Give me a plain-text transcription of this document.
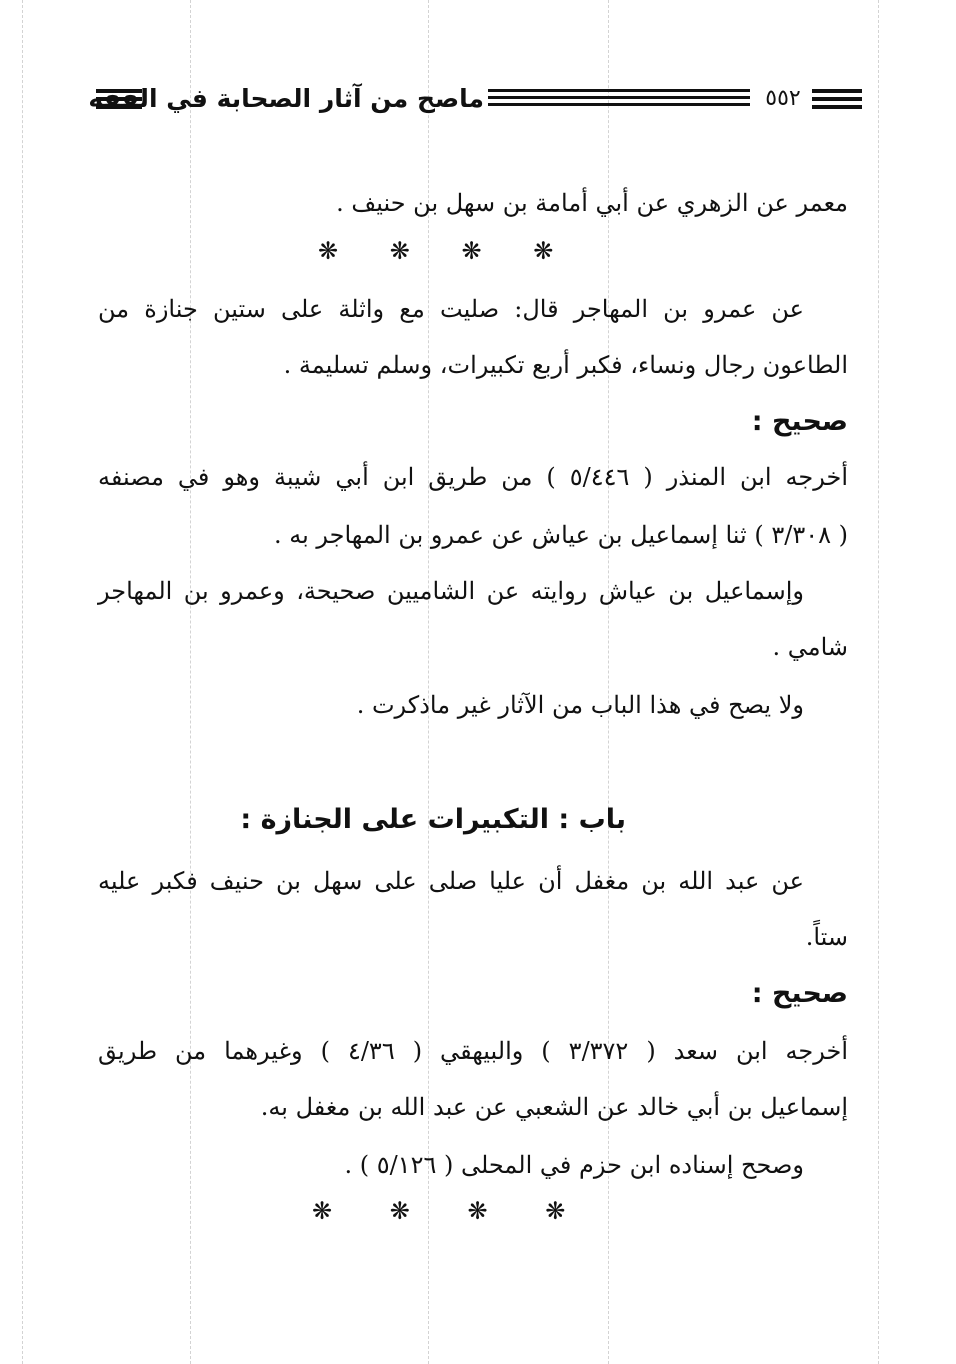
ماصح من آثار الصحابة في الفقه	٥٥٢
معمر عن الزهري عن أبي أمامة بن سهل بن حنيف .
❋ ❋ ❋ ❋
عن عمرو بن المهاجر قال: صليت مع واثلة على ستين جنازة من
الطاعون رجال ونساء، فكبر أربع تكبيرات، وسلم تسليمة .
صحيح :
أخرجه ابن المنذر ( ٥/٤٤٦ ) من طريق ابن أبي شيبة وهو في مصنفه
( ٣/٣٠٨ ) ثنا إسماعيل بن عياش عن عمرو بن المهاجر به .
وإسماعيل بن عياش روايته عن الشاميين صحيحة، وعمرو بن المهاجر
شامي .
ولا يصح في هذا الباب من الآثار غير ماذكرت .
باب : التكبيرات على الجنازة :
عن عبد الله بن مغفل أن عليا صلى على سهل بن حنيف فكبر عليه
ستاً.
صحيح :
أخرجه ابن سعد ( ٣/٣٧٢ ) والبيهقي ( ٤/٣٦ ) وغيرهما من طريق
إسماعيل بن أبي خالد عن الشعبي عن عبد الله بن مغفل به.
وصحح إسناده ابن حزم في المحلى ( ٥/١٢٦ ) .
❋ ❋ ❋ ❋
